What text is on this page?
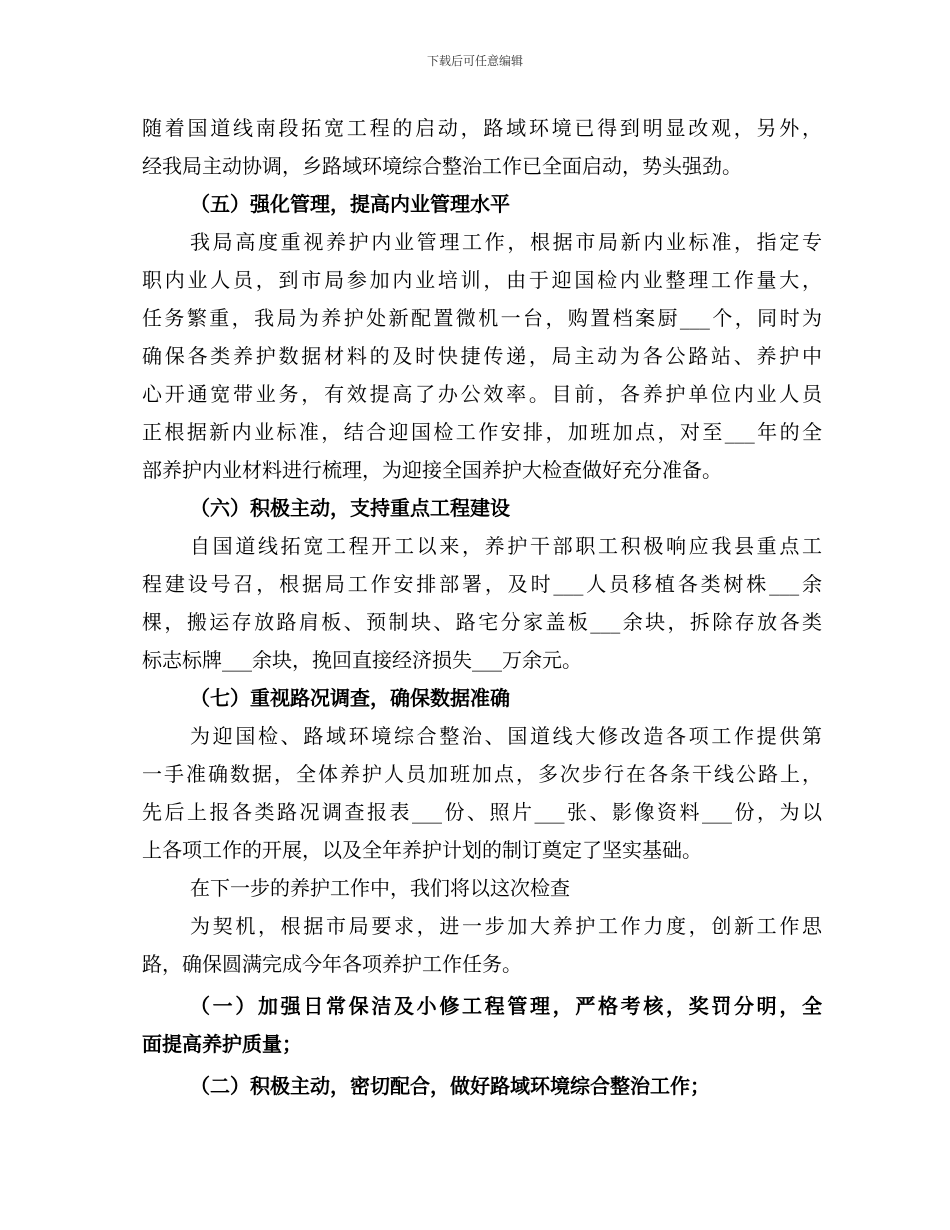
下载后可任意编辑
随着国道线南段拓宽工程的启动，路域环境已得到明显改观，另外，
经我局主动协调，乡路域环境综合整治工作已全面启动，势头强劲。
（五）强化管理，提高内业管理水平
我局高度重视养护内业管理工作，根据市局新内业标准，指定专
职内业人员，到市局参加内业培训，由于迎国检内业整理工作量大，
任务繁重，我局为养护处新配置微机一台，购置档案厨___个，同时为
确保各类养护数据材料的及时快捷传递，局主动为各公路站、养护中
心开通宽带业务，有效提高了办公效率。目前，各养护单位内业人员
正根据新内业标准，结合迎国检工作安排，加班加点，对至___年的全
部养护内业材料进行梳理，为迎接全国养护大检查做好充分准备。
（六）积极主动，支持重点工程建设
自国道线拓宽工程开工以来，养护干部职工积极响应我县重点工
程建设号召，根据局工作安排部署，及时___人员移植各类树株___余
棵，搬运存放路肩板、预制块、路宅分家盖板___余块，拆除存放各类
标志标牌___余块，挽回直接经济损失___万余元。
（七）重视路况调查，确保数据准确
为迎国检、路域环境综合整治、国道线大修改造各项工作提供第
一手准确数据，全体养护人员加班加点，多次步行在各条干线公路上，
先后上报各类路况调查报表___份、照片___张、影像资料___份，为以
上各项工作的开展，以及全年养护计划的制订奠定了坚实基础。
在下一步的养护工作中，我们将以这次检查
为契机，根据市局要求，进一步加大养护工作力度，创新工作思
路，确保圆满完成今年各项养护工作任务。
（一）加强日常保洁及小修工程管理，严格考核，奖罚分明，全
面提高养护质量；
（二）积极主动，密切配合，做好路域环境综合整治工作；
